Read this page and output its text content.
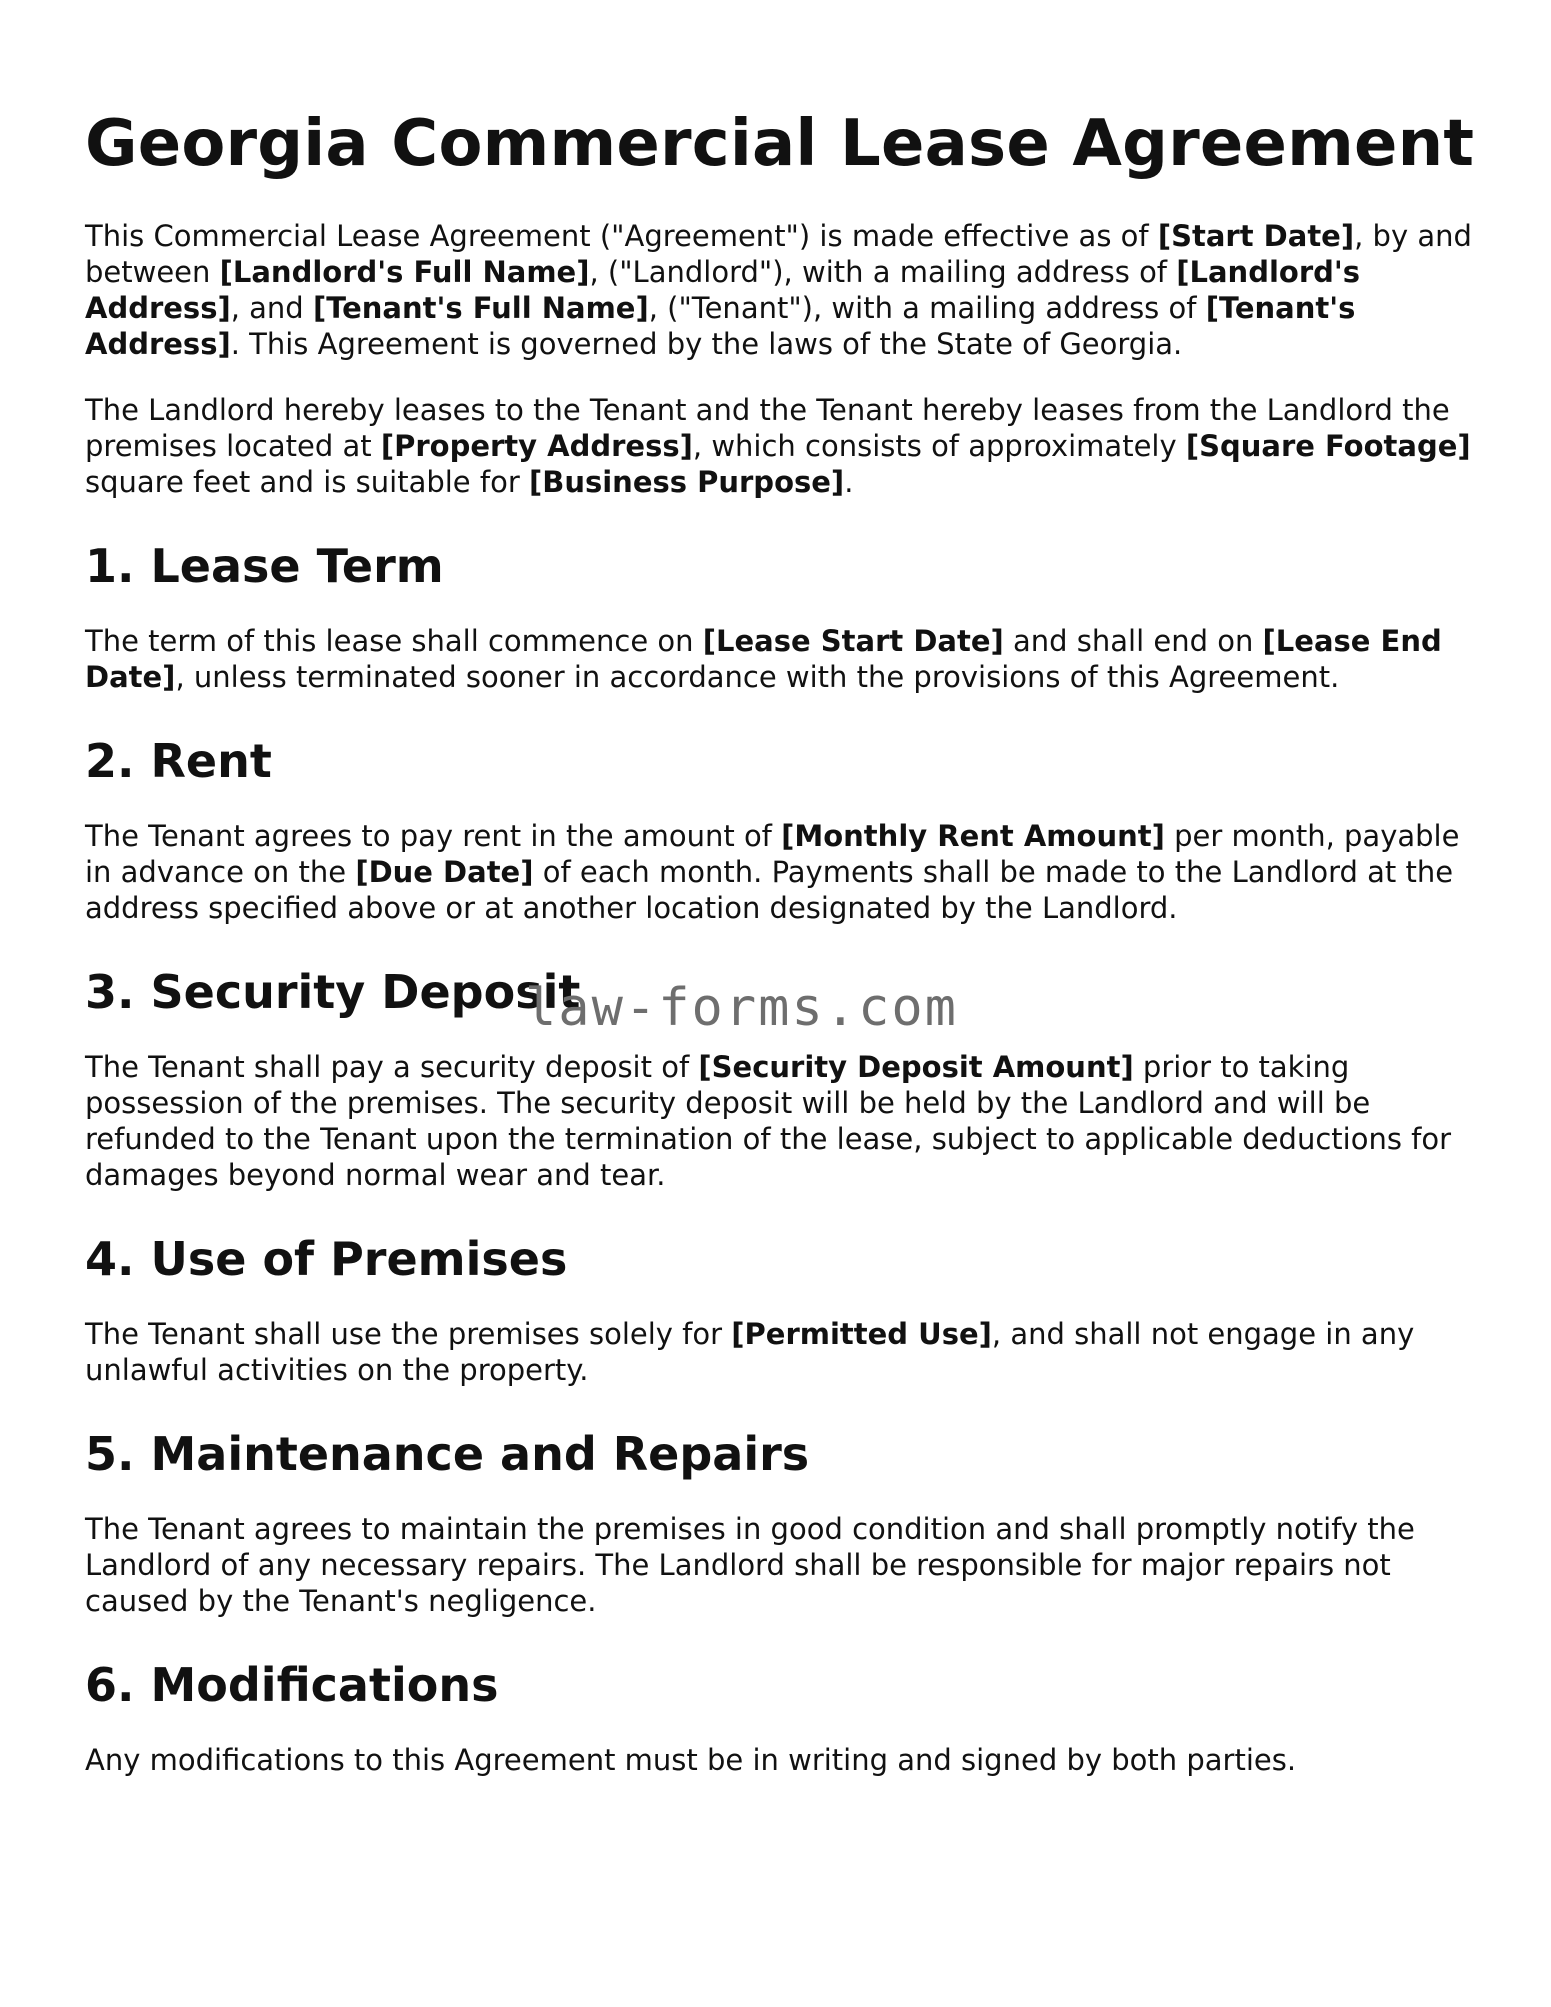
Georgia Commercial Lease Agreement

This Commercial Lease Agreement ("Agreement") is made effective as of [Start Date], by and between [Landlord's Full Name], ("Landlord"), with a mailing address of [Landlord's Address], and [Tenant's Full Name], ("Tenant"), with a mailing address of [Tenant's Address]. This Agreement is governed by the laws of the State of Georgia.

The Landlord hereby leases to the Tenant and the Tenant hereby leases from the Landlord the premises located at [Property Address], which consists of approximately [Square Footage] square feet and is suitable for [Business Purpose].

1. Lease Term

The term of this lease shall commence on [Lease Start Date] and shall end on [Lease End Date], unless terminated sooner in accordance with the provisions of this Agreement.

2. Rent

The Tenant agrees to pay rent in the amount of [Monthly Rent Amount] per month, payable in advance on the [Due Date] of each month. Payments shall be made to the Landlord at the address specified above or at another location designated by the Landlord.

3. Security Deposit

The Tenant shall pay a security deposit of [Security Deposit Amount] prior to taking possession of the premises. The security deposit will be held by the Landlord and will be refunded to the Tenant upon the termination of the lease, subject to applicable deductions for damages beyond normal wear and tear.

4. Use of Premises

The Tenant shall use the premises solely for [Permitted Use], and shall not engage in any unlawful activities on the property.

5. Maintenance and Repairs

The Tenant agrees to maintain the premises in good condition and shall promptly notify the Landlord of any necessary repairs. The Landlord shall be responsible for major repairs not caused by the Tenant's negligence.

6. Modifications

Any modifications to this Agreement must be in writing and signed by both parties.

law-forms.com
